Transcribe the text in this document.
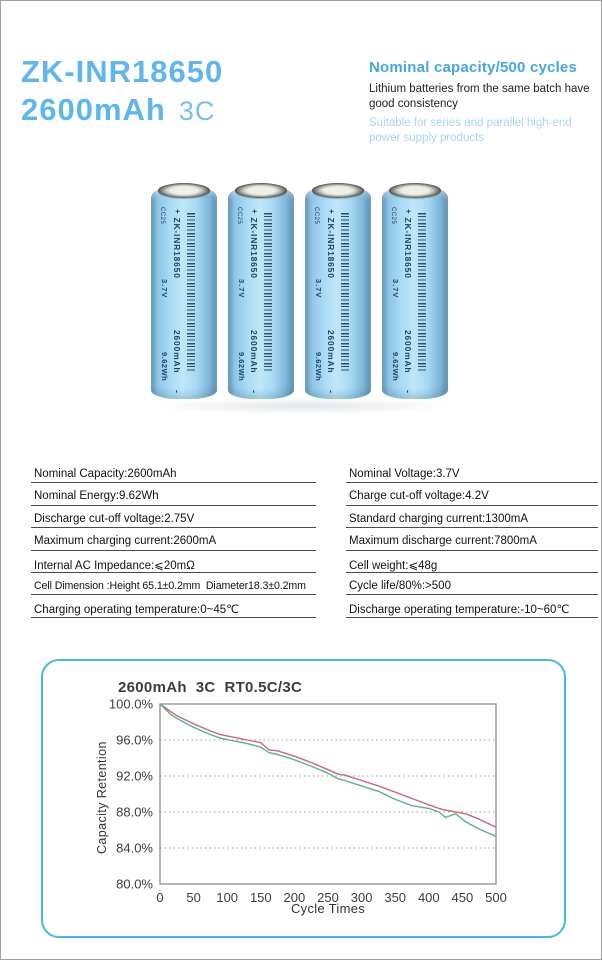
ZK-INR18650
2600mAh 3C
Nominal capacity/500 cycles
Lithium batteries from the same batch have good consistency
Suitable for series and parallel high-end power supply products
CC25 +ZK-INR18650
3.7V
2600mAh
9.62Wh
-
CC25 +ZK-INR18650
3.7V
2600mAh
9.62Wh
-
CC25 +ZK-INR18650
3.7V
2600mAh
9.62Wh
-
CC25 +ZK-INR18650
3.7V
2600mAh
9.62Wh
-
Nominal Capacity:2600mAh
Nominal Energy:9.62Wh
Discharge cut-off voltage:2.75V
Maximum charging current:2600mA
Internal AC Impedance:⩽20mΩ
Cell Dimension :Height 65.1±0.2mm  Diameter18.3±0.2mm
Charging operating temperature:0~45℃
Nominal Voltage:3.7V
Charge cut-off voltage:4.2V
Standard charging current:1300mA
Maximum discharge current:7800mA
Cell weight:⩽48g
Cycle life/80%:>500
Discharge operating temperature:-10~60℃
2600mAh  3C  RT0.5C/3C
100.0%
96.0%
92.0%
88.0%
84.0%
80.0%
0 50 100 150 200 250 300 350 400 450 500
Capacity Retention
Cycle Times
